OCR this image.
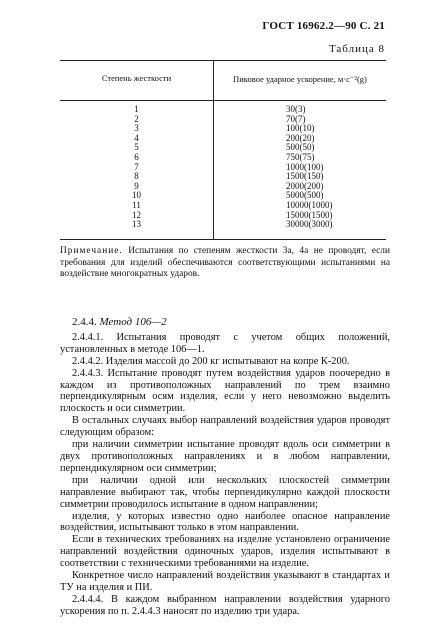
ГОСТ 16962.2—90 С. 21
Таблица 8
Степень жесткости	Пиковое ударное ускорение, м·с⁻²(g)
1
2
3
4
5
6
7
8
9
10
11
12
13
30(3)
70(7)
100(10)
200(20)
500(50)
750(75)
1000(100)
1500(150)
2000(200)
5000(500)
10000(1000)
15000(1500)
30000(3000)
Примечание. Испытания по степеням жесткости 3а, 4а не проводят, если требования для изделий обеспечиваются соответствующими испытаниями на воздействие многократных ударов.

2.4.4. Метод 106—2

2.4.4.1. Испытания проводят с учетом общих положений, установленных в методе 106—1.

2.4.4.2. Изделия массой до 200 кг испытывают на копре К-200.

2.4.4.3. Испытание проводят путем воздействия ударов поочередно в каждом из противоположных направлений по трем взаимно перпендикулярным осям изделия, если у него невозможно выделить плоскость и оси симметрии.

В остальных случаях выбор направлений воздействия ударов проводят следующим образом:

при наличии симметрии испытание проводят вдоль оси симметрии в двух противоположных направлениях и в любом направлении, перпендикулярном оси симметрии;

при наличии одной или нескольких плоскостей симметрии направление выбирают так, чтобы перпендикулярно каждой плоскости симметрии проводилось испытание в одном направлении;

изделия, у которых известно одно наиболее опасное направление воздействия, испытывают только в этом направлении.

Если в технических требованиях на изделие установлено ограничение направлений воздействия одиночных ударов, изделия испытывают в соответствии с техническими требованиями на изделие.

Конкретное число направлений воздействия указывают в стандартах и ТУ на изделия и ПИ.

2.4.4.4. В каждом выбранном направлении воздействия ударного ускорения по п. 2.4.4.3 наносят по изделию три удара.
